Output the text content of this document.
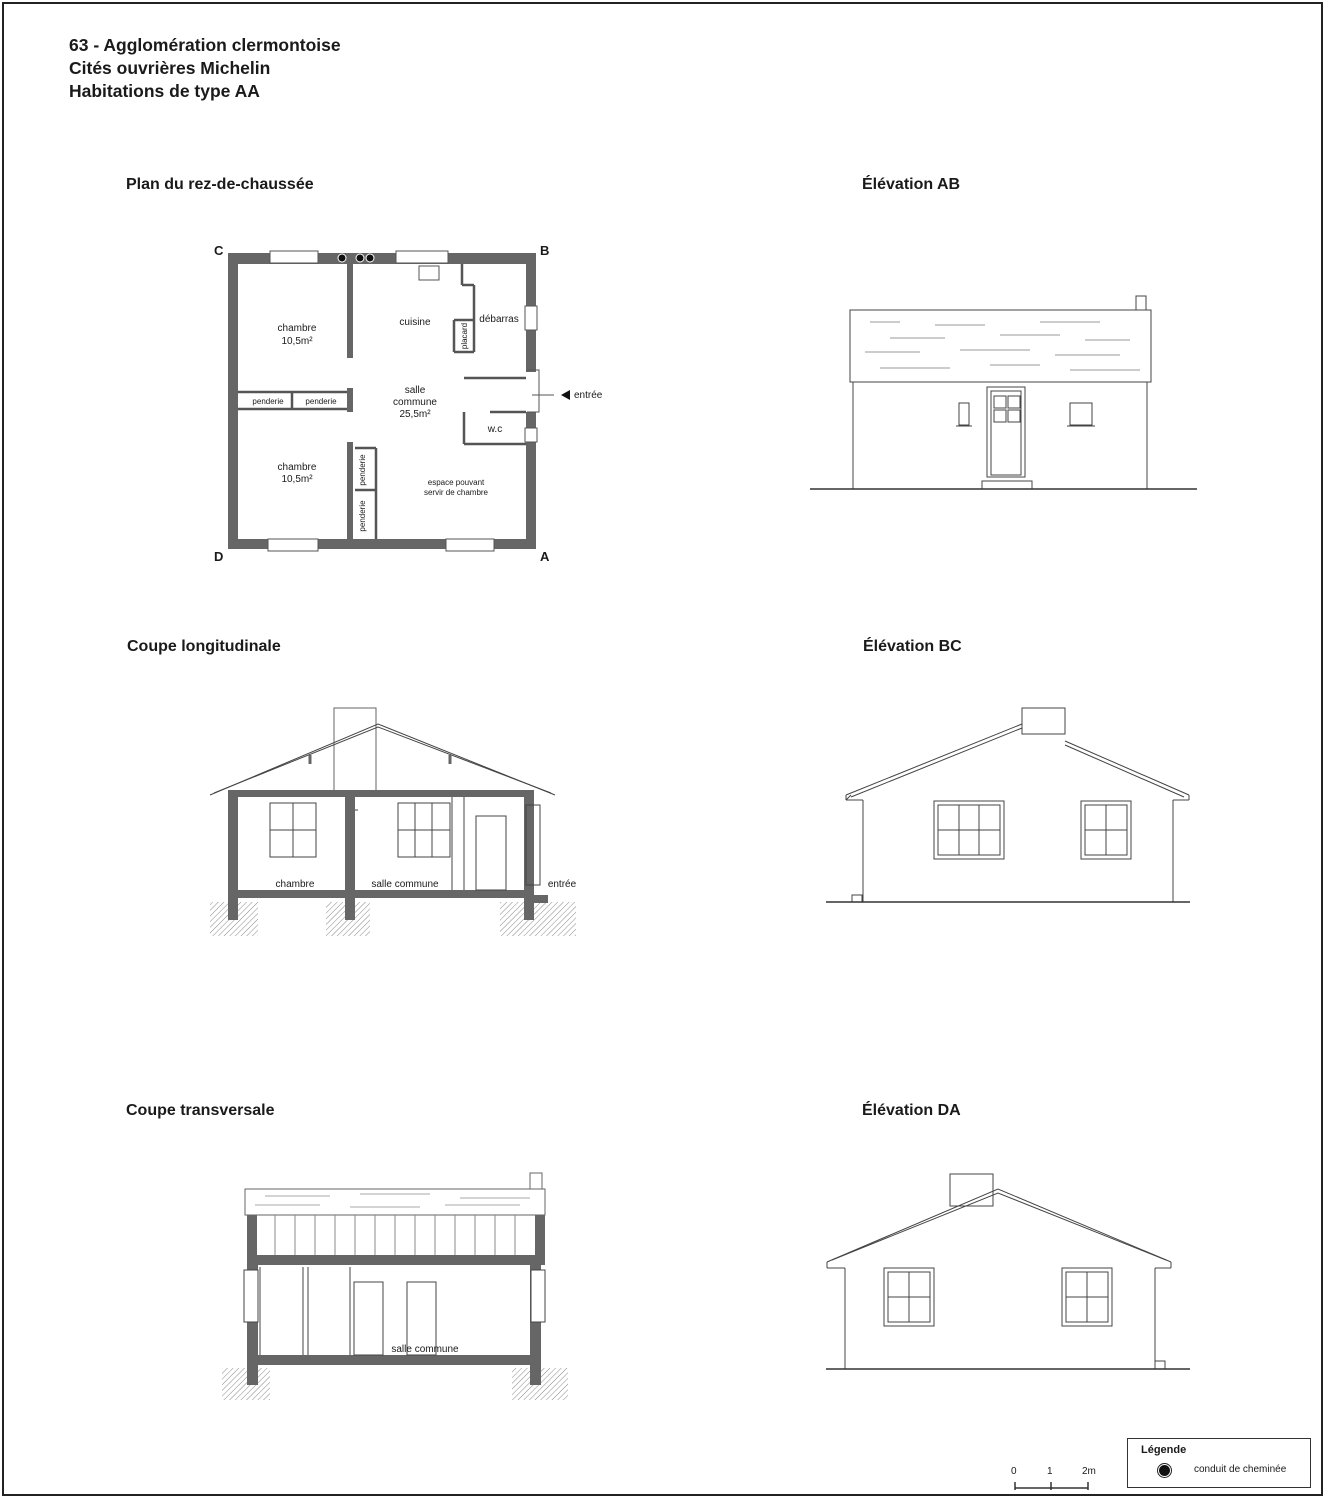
63 - Agglomération clermontoise
Cités ouvrières Michelin
Habitations de type AA
Plan du rez-de-chaussée	Élévation AB
Coupe longitudinale	Élévation BC
Coupe transversale	Élévation DA
C	B
D	A
chambre
10,5m²
cuisine	débarras
placard
penderie	penderie
salle
commune
25,5m²
entrée
w.c
chambre
10,5m²	penderie
penderie
espace pouvant
servir de chambre
chambre	salle commune	entrée
salle commune
0	1	2m
Légende
conduit de cheminée
